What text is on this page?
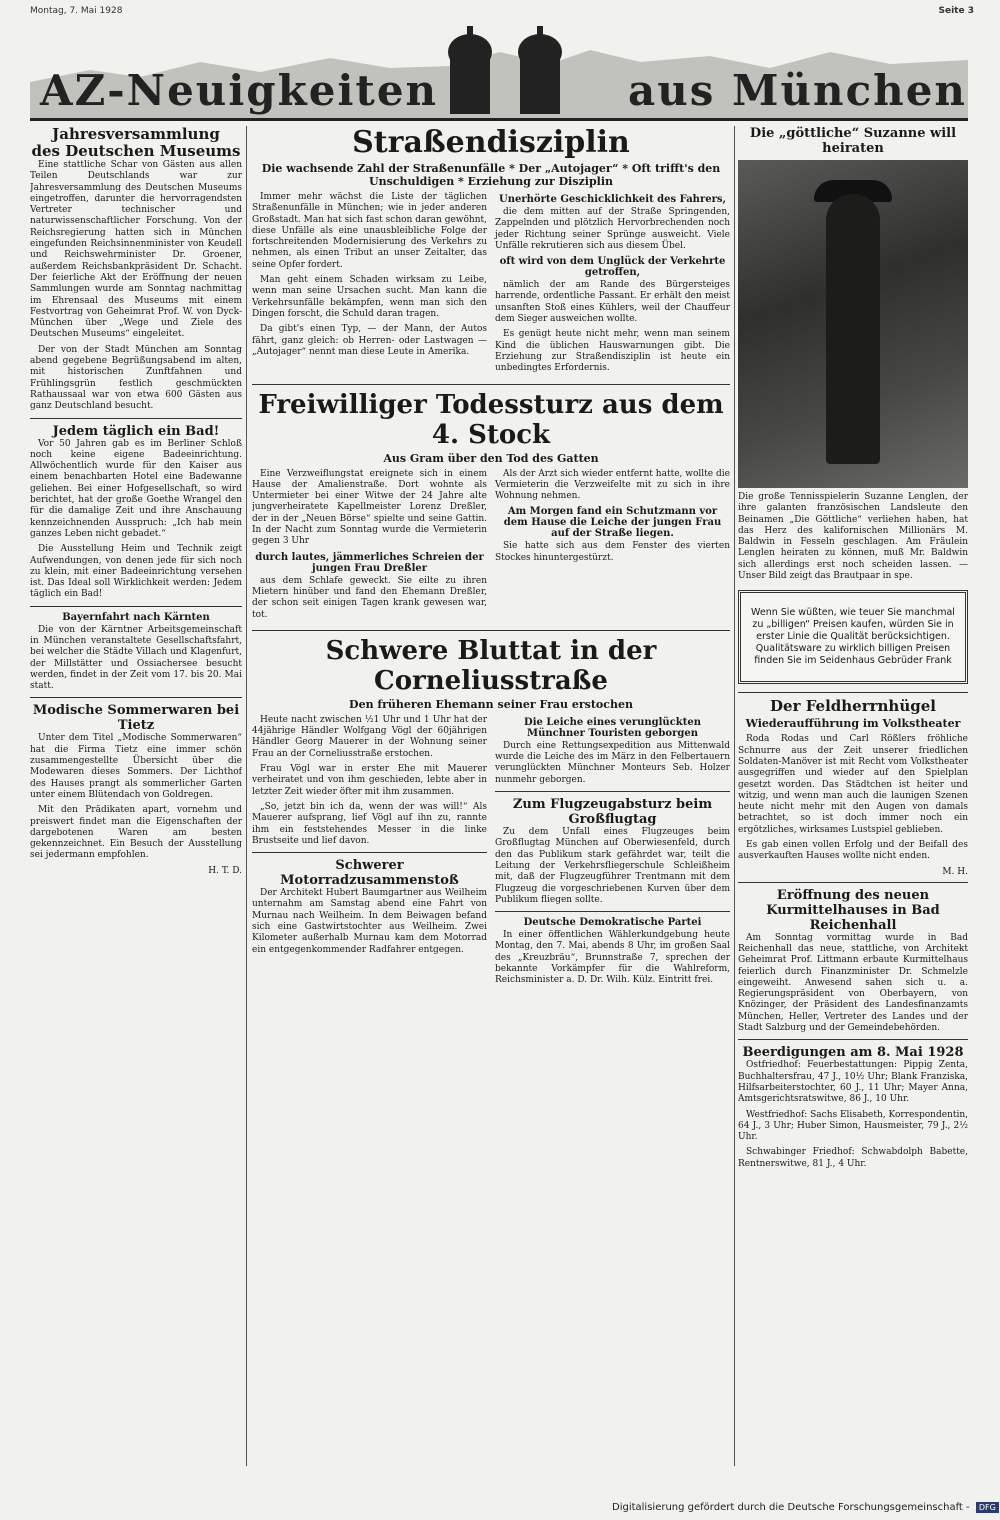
Montag, 7. Mai 1928	Seite 3
AZ-Neuigkeiten	aus München
Jahresversammlung
des Deutschen Museums

Eine stattliche Schar von Gästen aus allen Teilen Deutschlands war zur Jahresversammlung des Deutschen Museums eingetroffen, darunter die hervorragendsten Vertreter technischer und naturwissenschaftlicher Forschung. Von der Reichsregierung hatten sich in München eingefunden Reichsinnenminister von Keudell und Reichswehrminister Dr. Groener, außerdem Reichsbankpräsident Dr. Schacht. Der feierliche Akt der Eröffnung der neuen Sammlungen wurde am Sonntag nachmittag im Ehrensaal des Museums mit einem Festvortrag von Geheimrat Prof. W. von Dyck-München über „Wege und Ziele des Deutschen Museums“ eingeleitet.

Der von der Stadt München am Sonntag abend gegebene Begrüßungsabend im alten, mit historischen Zunftfahnen und Frühlingsgrün festlich geschmückten Rathaussaal war von etwa 600 Gästen aus ganz Deutschland besucht.

Jedem täglich ein Bad!

Vor 50 Jahren gab es im Berliner Schloß noch keine eigene Badeeinrichtung. Allwöchentlich wurde für den Kaiser aus einem benachbarten Hotel eine Badewanne geliehen. Bei einer Hofgesellschaft, so wird berichtet, hat der große Goethe Wrangel den für die damalige Zeit und ihre Anschauung kennzeichnenden Ausspruch: „Ich hab mein ganzes Leben nicht gebadet.“

Die Ausstellung Heim und Technik zeigt Aufwendungen, von denen jede für sich noch zu klein, mit einer Badeeinrichtung versehen ist. Das Ideal soll Wirklichkeit werden: Jedem täglich ein Bad!

Bayernfahrt nach Kärnten

Die von der Kärntner Arbeitsgemeinschaft in München veranstaltete Gesellschaftsfahrt, bei welcher die Städte Villach und Klagenfurt, der Millstätter und Ossiachersee besucht werden, findet in der Zeit vom 17. bis 20. Mai statt.

Modische Sommerwaren bei Tietz

Unter dem Titel „Modische Sommerwaren“ hat die Firma Tietz eine immer schön zusammengestellte Übersicht über die Modewaren dieses Sommers. Der Lichthof des Hauses prangt als sommerlicher Garten unter einem Blütendach von Goldregen.

Mit den Prädikaten apart, vornehm und preiswert findet man die Eigenschaften der dargebotenen Waren am besten gekennzeichnet. Ein Besuch der Ausstellung sei jedermann empfohlen.

H. T. D.

Straßendisziplin

Die wachsende Zahl der Straßenunfälle * Der „Autojager“ * Oft trifft's den Unschuldigen * Erziehung zur Disziplin

Immer mehr wächst die Liste der täglichen Straßenunfälle in München; wie in jeder anderen Großstadt. Man hat sich fast schon daran gewöhnt, diese Unfälle als eine unausbleibliche Folge der fortschreitenden Modernisierung des Verkehrs zu nehmen, als einen Tribut an unser Zeitalter, das seine Opfer fordert.

Man geht einem Schaden wirksam zu Leibe, wenn man seine Ursachen sucht. Man kann die Verkehrsunfälle bekämpfen, wenn man sich den Dingen forscht, die Schuld daran tragen.

Da gibt's einen Typ, — der Mann, der Autos fährt, ganz gleich: ob Herren- oder Lastwagen — „Autojager“ nennt man diese Leute in Amerika.

Unerhörte Geschicklichkeit des Fahrers,

die dem mitten auf der Straße Springenden, Zappelnden und plötzlich Hervorbrechenden noch jeder Richtung seiner Sprünge ausweicht. Viele Unfälle rekrutieren sich aus diesem Übel.

oft wird von dem Unglück der Verkehrte getroffen,

nämlich der am Rande des Bürgersteiges harrende, ordentliche Passant. Er erhält den meist unsanften Stoß eines Kühlers, weil der Chauffeur dem Sieger ausweichen wollte.

Es genügt heute nicht mehr, wenn man seinem Kind die üblichen Hauswarnungen gibt. Die Erziehung zur Straßendisziplin ist heute ein unbedingtes Erfordernis.

Freiwilliger Todessturz aus dem 4. Stock

Aus Gram über den Tod des Gatten

Eine Verzweiflungstat ereignete sich in einem Hause der Amalienstraße. Dort wohnte als Untermieter bei einer Witwe der 24 Jahre alte jungverheiratete Kapellmeister Lorenz Dreßler, der in der „Neuen Börse“ spielte und seine Gattin. In der Nacht zum Sonntag wurde die Vermieterin gegen 3 Uhr

durch lautes, jämmerliches Schreien der jungen Frau Dreßler

aus dem Schlafe geweckt. Sie eilte zu ihren Mietern hinüber und fand den Ehemann Dreßler, der schon seit einigen Tagen krank gewesen war, tot.

Als der Arzt sich wieder entfernt hatte, wollte die Vermieterin die Verzweifelte mit zu sich in ihre Wohnung nehmen.

Am Morgen fand ein Schutzmann vor dem Hause die Leiche der jungen Frau auf der Straße liegen.

Sie hatte sich aus dem Fenster des vierten Stockes hinuntergestürzt.

Schwere Bluttat in der Corneliusstraße

Den früheren Ehemann seiner Frau erstochen

Heute nacht zwischen ½1 Uhr und 1 Uhr hat der 44jährige Händler Wolfgang Vögl der 60jährigen Händler Georg Mauerer in der Wohnung seiner Frau an der Corneliusstraße erstochen.

Frau Vögl war in erster Ehe mit Mauerer verheiratet und von ihm geschieden, lebte aber in letzter Zeit wieder öfter mit ihm zusammen.

„So, jetzt bin ich da, wenn der was will!“ Als Mauerer aufsprang, lief Vögl auf ihn zu, rannte ihm ein feststehendes Messer in die linke Brustseite und lief davon.

Schwerer
Motorradzusammenstoß

Der Architekt Hubert Baumgartner aus Weilheim unternahm am Samstag abend eine Fahrt von Murnau nach Weilheim. In dem Beiwagen befand sich eine Gastwirtstochter aus Weilheim. Zwei Kilometer außerhalb Murnau kam dem Motorrad ein entgegenkommender Radfahrer entgegen.

Die Leiche eines verunglückten Münchner Touristen geborgen

Durch eine Rettungsexpedition aus Mittenwald wurde die Leiche des im März in den Felbertauern verunglückten Münchner Monteurs Seb. Holzer nunmehr geborgen.

Zum Flugzeugabsturz beim Großflugtag

Zu dem Unfall eines Flugzeuges beim Großflugtag München auf Oberwiesenfeld, durch den das Publikum stark gefährdet war, teilt die Leitung der Verkehrsfliegerschule Schleißheim mit, daß der Flugzeugführer Trentmann mit dem Flugzeug die vorgeschriebenen Kurven über dem Publikum fliegen sollte.

Deutsche Demokratische Partei

In einer öffentlichen Wählerkundgebung heute Montag, den 7. Mai, abends 8 Uhr, im großen Saal des „Kreuzbräu“, Brunnstraße 7, sprechen der bekannte Vorkämpfer für die Wahlreform, Reichsminister a. D. Dr. Wilh. Külz. Eintritt frei.

Die „göttliche“ Suzanne will heiraten

Die große Tennisspielerin Suzanne Lenglen, der ihre galanten französischen Landsleute den Beinamen „Die Göttliche“ verliehen haben, hat das Herz des kalifornischen Millionärs M. Baldwin in Fesseln geschlagen. Am Fräulein Lenglen heiraten zu können, muß Mr. Baldwin sich allerdings erst noch scheiden lassen. — Unser Bild zeigt das Brautpaar in spe.

Wenn Sie wüßten, wie teuer Sie manchmal zu „billigen“ Preisen kaufen, würden Sie in erster Linie die Qualität berücksichtigen. Qualitätsware zu wirklich billigen Preisen finden Sie im Seidenhaus Gebrüder Frank
Der Feldherrnhügel

Wiederaufführung im Volkstheater

Roda Rodas und Carl Rößlers fröhliche Schnurre aus der Zeit unserer friedlichen Soldaten-Manöver ist mit Recht vom Volkstheater ausgegriffen und wieder auf den Spielplan gesetzt worden. Das Städtchen ist heiter und witzig, und wenn man auch die launigen Szenen heute nicht mehr mit den Augen von damals betrachtet, so ist doch immer noch ein ergötzliches, wirksames Lustspiel geblieben.

Es gab einen vollen Erfolg und der Beifall des ausverkauften Hauses wollte nicht enden.

M. H.

Eröffnung des neuen Kurmittelhauses in Bad Reichenhall

Am Sonntag vormittag wurde in Bad Reichenhall das neue, stattliche, von Architekt Geheimrat Prof. Littmann erbaute Kurmittelhaus feierlich durch Finanzminister Dr. Schmelzle eingeweiht. Anwesend sahen sich u. a. Regierungspräsident von Oberbayern, von Knözinger, der Präsident des Landesfinanzamts München, Heller, Vertreter des Landes und der Stadt Salzburg und der Gemeindebehörden.

Beerdigungen am 8. Mai 1928

Ostfriedhof: Feuerbestattungen: Pippig Zenta, Buchhaltersfrau, 47 J., 10½ Uhr; Blank Franziska, Hilfsarbeiterstochter, 60 J., 11 Uhr; Mayer Anna, Amtsgerichtsratswitwe, 86 J., 10 Uhr.

Westfriedhof: Sachs Elisabeth, Korrespondentin, 64 J., 3 Uhr; Huber Simon, Hausmeister, 79 J., 2½ Uhr.

Schwabinger Friedhof: Schwabdolph Babette, Rentnerswitwe, 81 J., 4 Uhr.

Digitalisierung gefördert durch die Deutsche Forschungsgemeinschaft - DFG
